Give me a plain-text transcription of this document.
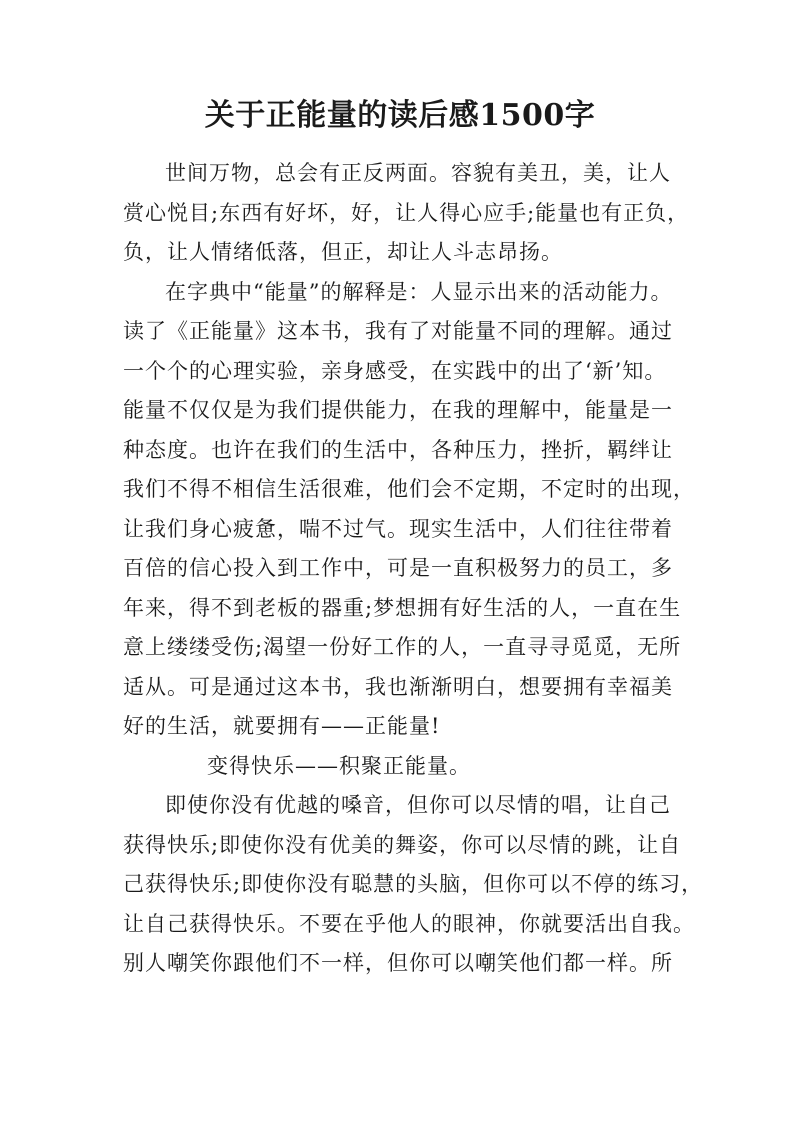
关于正能量的读后感1500字

世间万物，总会有正反两面。容貌有美丑，美，让人
赏心悦目;东西有好坏，好，让人得心应手;能量也有正负，
负，让人情绪低落，但正，却让人斗志昂扬。

在字典中“能量”的解释是：人显示出来的活动能力。
读了《正能量》这本书，我有了对能量不同的理解。通过
一个个的心理实验，亲身感受，在实践中的出了‘新’知。
能量不仅仅是为我们提供能力，在我的理解中，能量是一
种态度。也许在我们的生活中，各种压力，挫折，羁绊让
我们不得不相信生活很难，他们会不定期，不定时的出现，
让我们身心疲惫，喘不过气。现实生活中，人们往往带着
百倍的信心投入到工作中，可是一直积极努力的员工，多
年来，得不到老板的器重;梦想拥有好生活的人，一直在生
意上缕缕受伤;渴望一份好工作的人，一直寻寻觅觅，无所
适从。可是通过这本书，我也渐渐明白，想要拥有幸福美
好的生活，就要拥有——正能量!

变得快乐——积聚正能量。

即使你没有优越的嗓音，但你可以尽情的唱，让自己
获得快乐;即使你没有优美的舞姿，你可以尽情的跳，让自
己获得快乐;即使你没有聪慧的头脑，但你可以不停的练习，
让自己获得快乐。不要在乎他人的眼神，你就要活出自我。
别人嘲笑你跟他们不一样，但你可以嘲笑他们都一样。所
